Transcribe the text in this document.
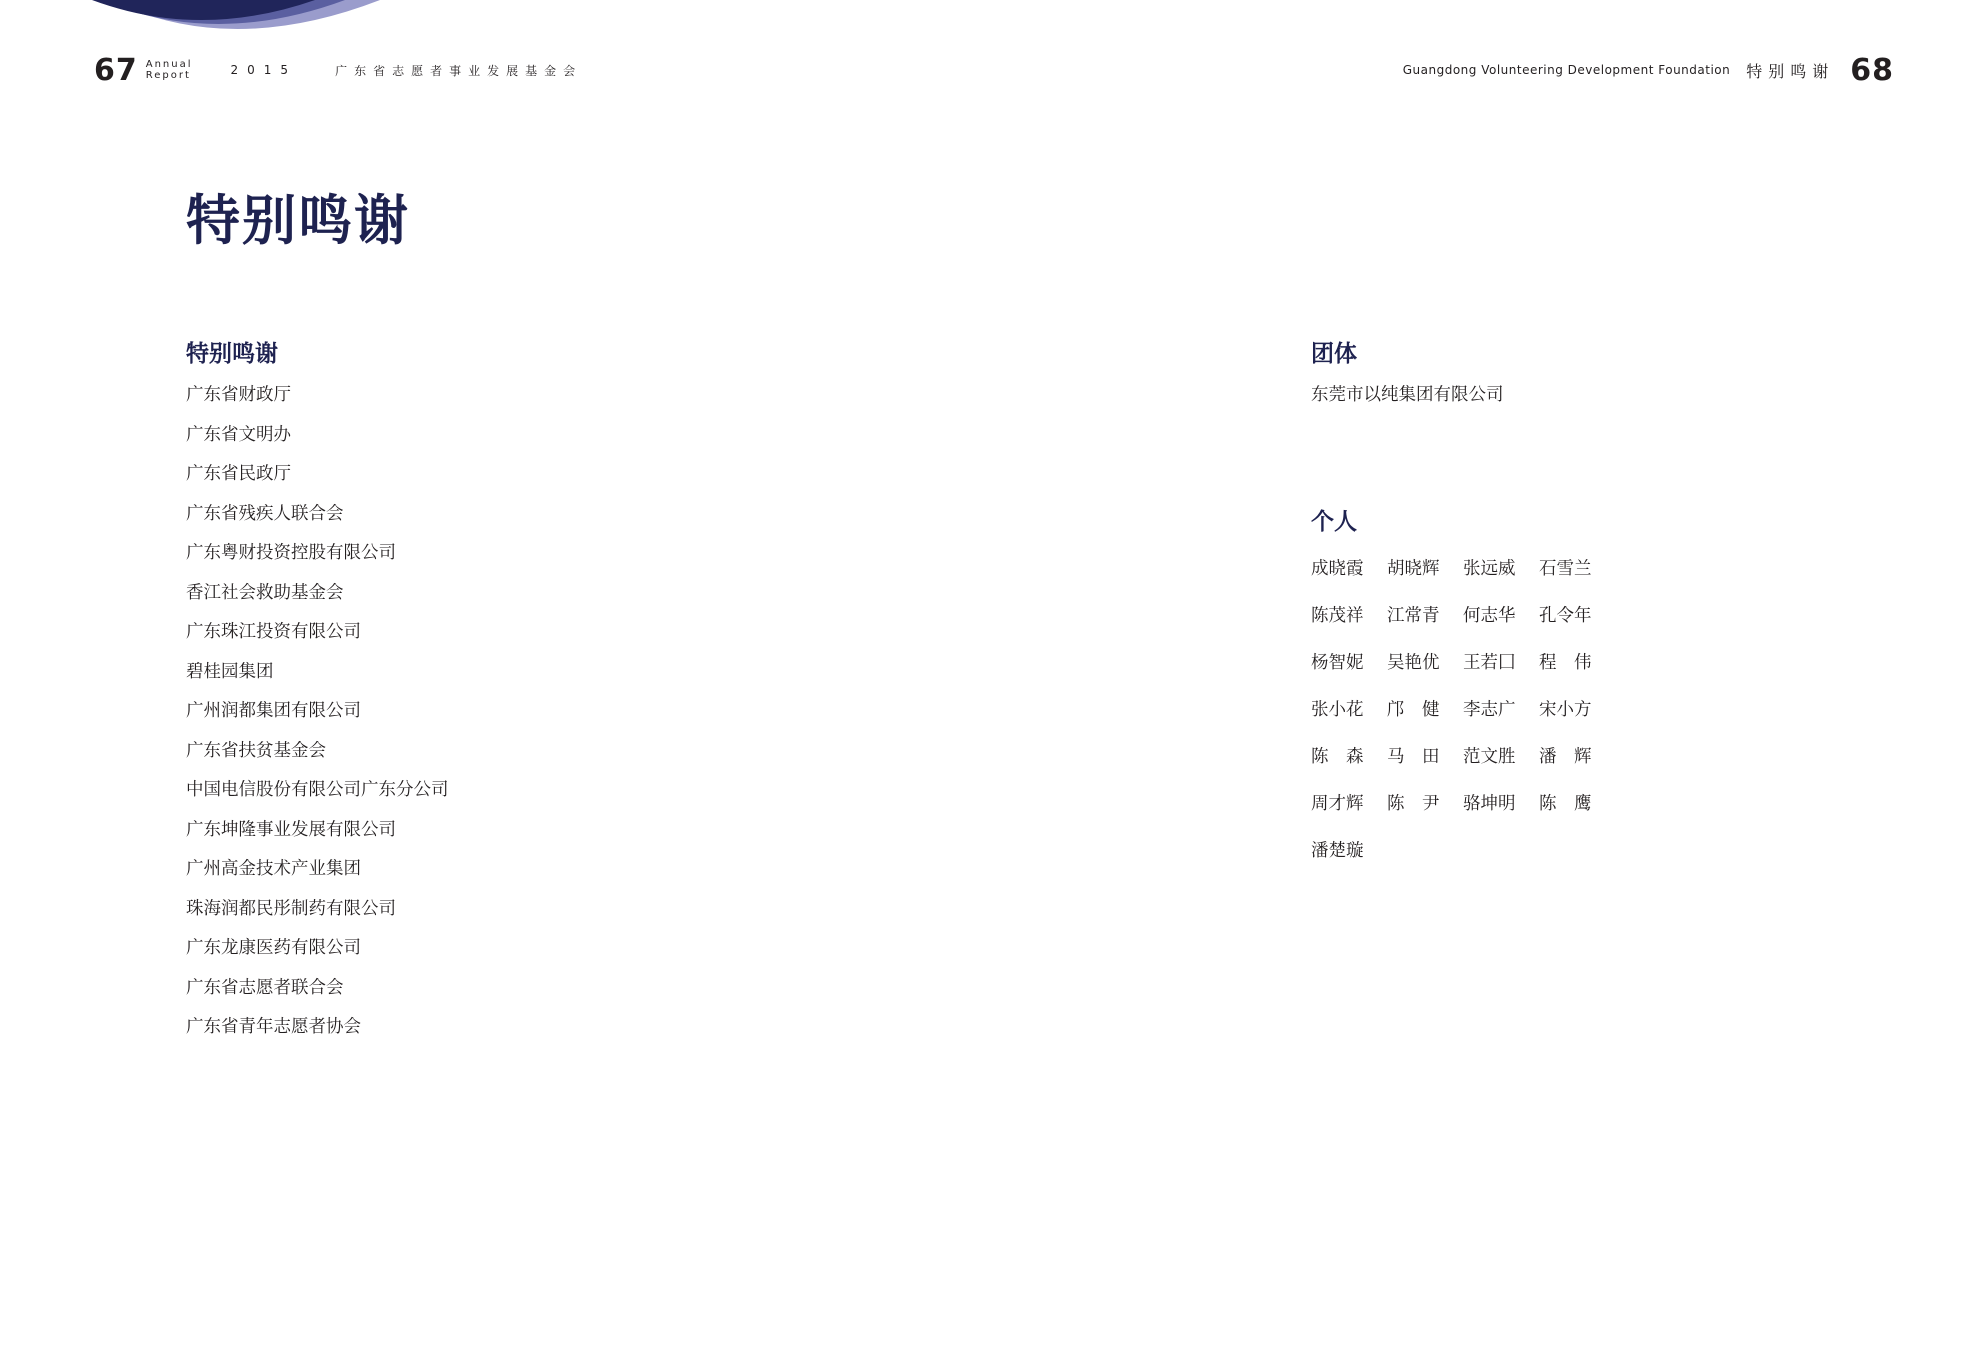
67 Annual
Report	2015	广东省志愿者事业发展基金会	Guangdong Volunteering Development Foundation 特别鸣谢 68
特别鸣谢
特别鸣谢
广东省财政厅
广东省文明办
广东省民政厅
广东省残疾人联合会
广东粤财投资控股有限公司
香江社会救助基金会
广东珠江投资有限公司
碧桂园集团
广州润都集团有限公司
广东省扶贫基金会
中国电信股份有限公司广东分公司
广东坤隆事业发展有限公司
广州高金技术产业集团
珠海润都民彤制药有限公司
广东龙康医药有限公司
广东省志愿者联合会
广东省青年志愿者协会
团体
东莞市以纯集团有限公司
个人
成晓霞	胡晓辉	张远威	石雪兰
陈茂祥	江常青	何志华	孔令年
杨智妮	吴艳优	王若囗	程　伟
张小花	邝　健	李志广	宋小方
陈　森	马　田	范文胜	潘　辉
周才辉	陈　尹	骆坤明	陈　鹰
潘楚璇
